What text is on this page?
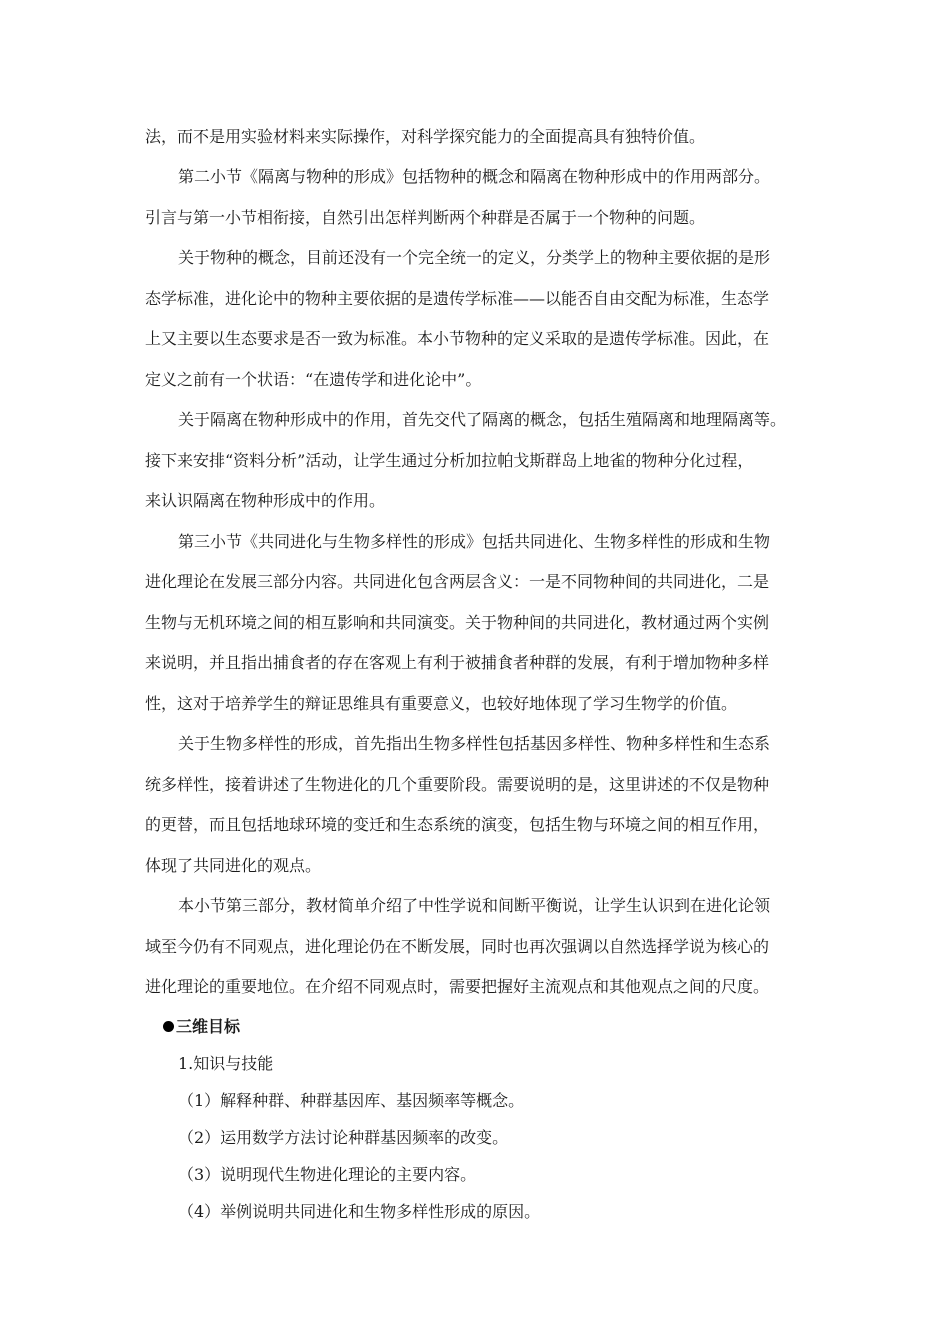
法，而不是用实验材料来实际操作，对科学探究能力的全面提高具有独特价值。
第二小节《隔离与物种的形成》包括物种的概念和隔离在物种形成中的作用两部分。
引言与第一小节相衔接，自然引出怎样判断两个种群是否属于一个物种的问题。
关于物种的概念，目前还没有一个完全统一的定义，分类学上的物种主要依据的是形
态学标准，进化论中的物种主要依据的是遗传学标准——以能否自由交配为标准，生态学
上又主要以生态要求是否一致为标准。本小节物种的定义采取的是遗传学标准。因此，在
定义之前有一个状语：“在遗传学和进化论中”。
关于隔离在物种形成中的作用，首先交代了隔离的概念，包括生殖隔离和地理隔离等。
接下来安排“资料分析”活动，让学生通过分析加拉帕戈斯群岛上地雀的物种分化过程，
来认识隔离在物种形成中的作用。
第三小节《共同进化与生物多样性的形成》包括共同进化、生物多样性的形成和生物
进化理论在发展三部分内容。共同进化包含两层含义：一是不同物种间的共同进化，二是
生物与无机环境之间的相互影响和共同演变。关于物种间的共同进化，教材通过两个实例
来说明，并且指出捕食者的存在客观上有利于被捕食者种群的发展，有利于增加物种多样
性，这对于培养学生的辩证思维具有重要意义，也较好地体现了学习生物学的价值。
关于生物多样性的形成，首先指出生物多样性包括基因多样性、物种多样性和生态系
统多样性，接着讲述了生物进化的几个重要阶段。需要说明的是，这里讲述的不仅是物种
的更替，而且包括地球环境的变迁和生态系统的演变，包括生物与环境之间的相互作用，
体现了共同进化的观点。
本小节第三部分，教材简单介绍了中性学说和间断平衡说，让学生认识到在进化论领
域至今仍有不同观点，进化理论仍在不断发展，同时也再次强调以自然选择学说为核心的
进化理论的重要地位。在介绍不同观点时，需要把握好主流观点和其他观点之间的尺度。
三维目标
1.知识与技能
（1）解释种群、种群基因库、基因频率等概念。
（2）运用数学方法讨论种群基因频率的改变。
（3）说明现代生物进化理论的主要内容。
（4）举例说明共同进化和生物多样性形成的原因。
